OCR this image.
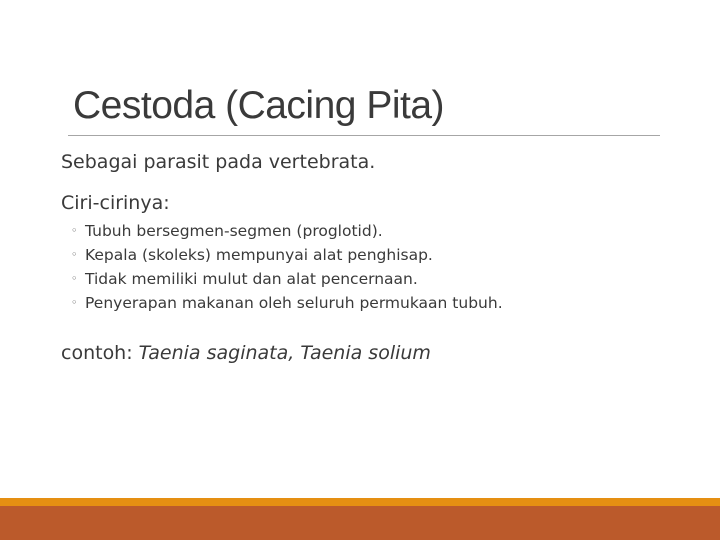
Cestoda (Cacing Pita)
Sebagai parasit pada vertebrata.
Ciri-cirinya:
◦ Tubuh bersegmen-segmen (proglotid).
◦ Kepala (skoleks) mempunyai alat penghisap.
◦ Tidak memiliki mulut dan alat pencernaan.
◦ Penyerapan makanan oleh seluruh permukaan tubuh.
contoh: Taenia saginata, Taenia solium
